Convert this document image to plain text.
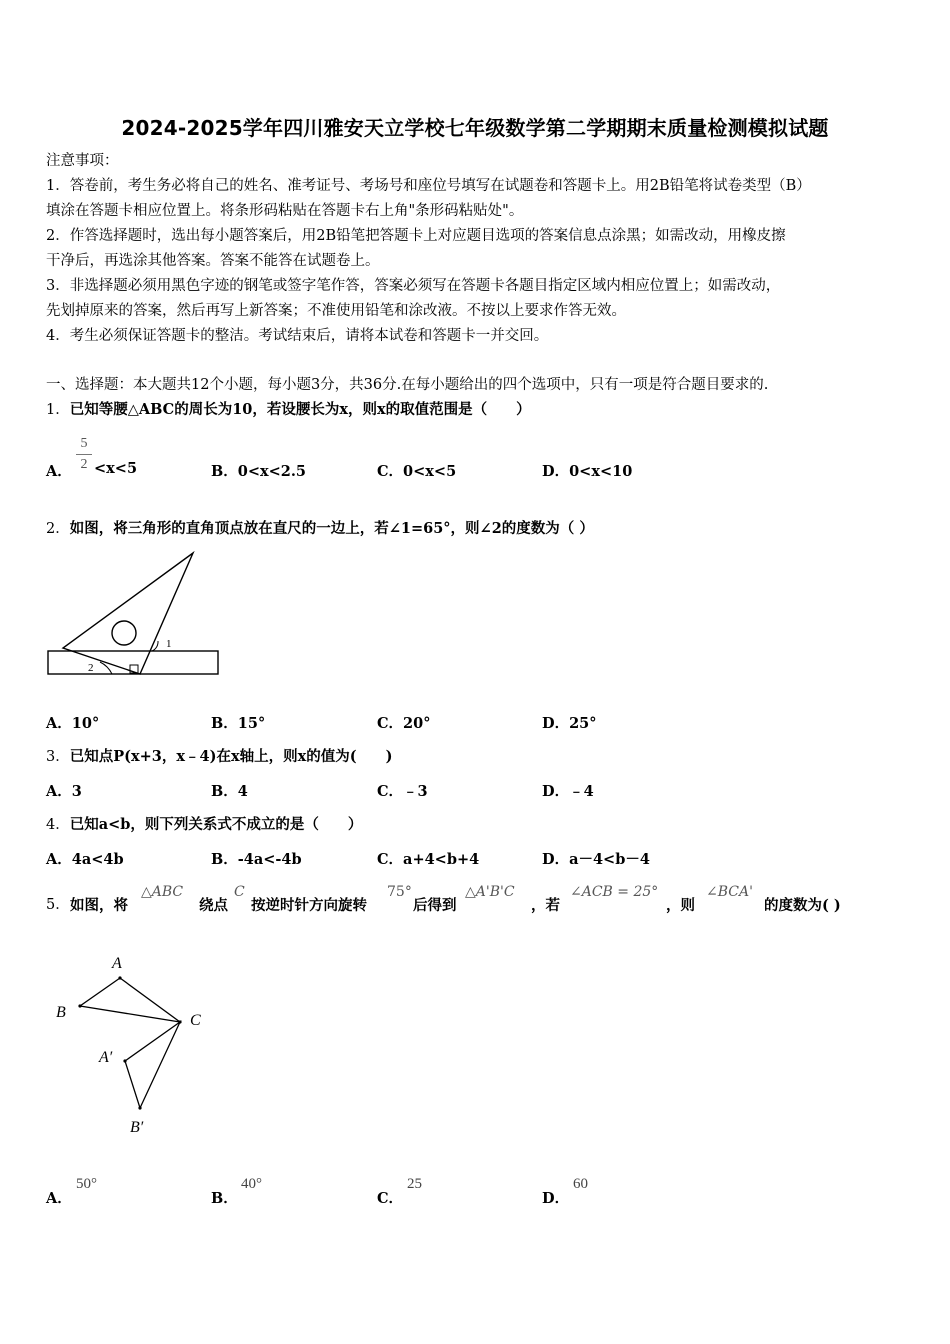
2024-2025学年四川雅安天立学校七年级数学第二学期期末质量检测模拟试题

注意事项：

1．答卷前，考生务必将自己的姓名、准考证号、考场号和座位号填写在试题卷和答题卡上。用2B铅笔将试卷类型（B）

填涂在答题卡相应位置上。将条形码粘贴在答题卡右上角"条形码粘贴处"。

2．作答选择题时，选出每小题答案后，用2B铅笔把答题卡上对应题目选项的答案信息点涂黑；如需改动，用橡皮擦

干净后，再选涂其他答案。答案不能答在试题卷上。

3．非选择题必须用黑色字迹的钢笔或签字笔作答，答案必须写在答题卡各题目指定区域内相应位置上；如需改动，

先划掉原来的答案，然后再写上新答案；不准使用铅笔和涂改液。不按以上要求作答无效。

4．考生必须保证答题卡的整洁。考试结束后，请将本试卷和答题卡一并交回。

一、选择题：本大题共12个小题，每小题3分，共36分.在每小题给出的四个选项中，只有一项是符合题目要求的.
1．已知等腰△ABC的周长为10，若设腰长为x，则x的取值范围是（　　）
A．
5
2 <x<5	B．0<x<2.5	C．0<x<5	D．0<x<10
2．如图，将三角形的直角顶点放在直尺的一边上，若∠1=65°，则∠2的度数为（ ）
1
2
A．10°	B．15°	C．20°	D．25°
3．已知点P(x+3，x﹣4)在x轴上，则x的值为(　　)
A．3	B．4	C．﹣3	D．﹣4
4．已知a<b，则下列关系式不成立的是（　　）
A．4a<4b	B．-4a<-4b	C．a+4<b+4	D．a－4<b－4
5． 如图，将
△ABC
绕点
C
按逆时针方向旋转
75°
后得到
△A'B'C
，若
∠ACB = 25°
，则
∠BCA'
的度数为( )
A
B	C
A′
B′
A．
50°
B．
40°
C．
25
D．
60
